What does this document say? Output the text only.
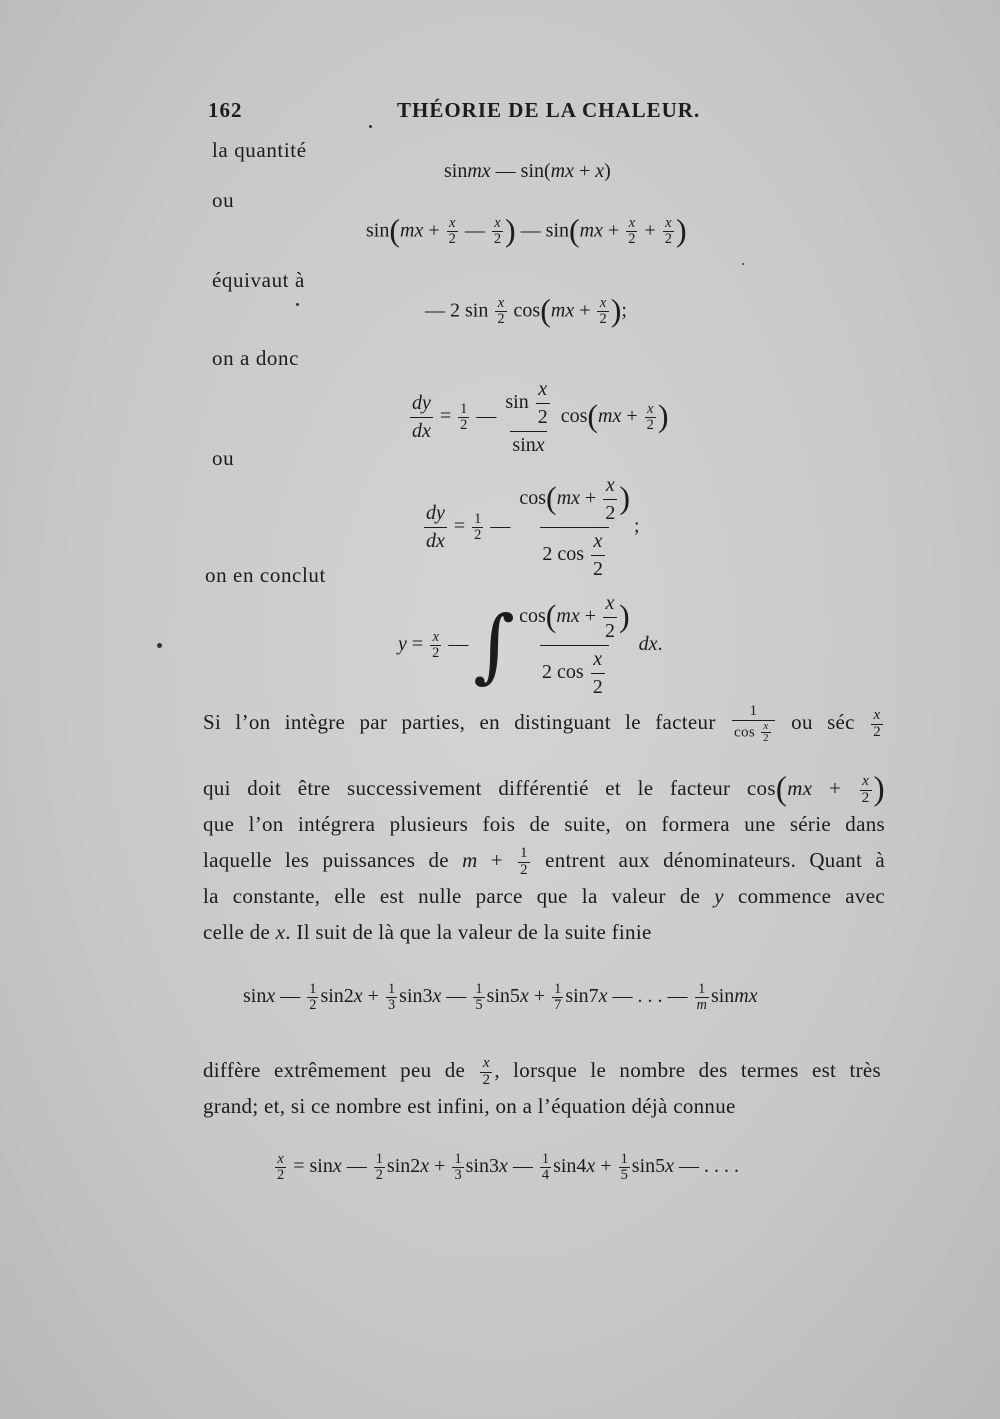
162	THÉORIE DE LA CHALEUR.
la quantité
sinmx — sin(mx + x)
ou
$\sin(mx + \frac{x}{2}$ — $\frac{x}{2}$ ) — $\sin(mx + \frac{x}{2} + \frac{x}{2}$ )
équivaut à
— 2 $\sin \frac{x}{2} \cos(mx + \frac{x}{2}$ );
on a donc
$\frac{dy}{dx} = \frac{1}{2}$ — $\frac{\sin \frac{x}{2}}{\sin x} \cos(mx + \frac{x}{2}$ )
ou
$\frac{dy}{dx} = \frac{1}{2}$ — $\frac{\cos(mx + \frac{x}{2} )}{2 \cos \frac{x}{2}}$ ;
on en conclut
$y = \frac{x}{2}$ — ∫ $\frac{\cos(mx + \frac{x}{2} )}{2 \cos \frac{x}{2}}$ dx.
Si l’on intègre par parties, en distinguant le facteur $\frac{1}{\cos \frac{x}{2}}$ ou séc $\frac{x}{2}$
qui doit être successivement différentié et le facteur $\cos(mx + \frac{x}{2}$ )
que l’on intégrera plusieurs fois de suite, on formera une série dans
laquelle les puissances de $m + \frac{1}{2}$ entrent aux dénominateurs. Quant à
la constante, elle est nulle parce que la valeur de y commence avec
celle de x. Il suit de là que la valeur de la suite finie
sinx — $\frac{1}{2} \sin 2x + \frac{1}{3} \sin 3x$ — $\frac{1}{5} \sin 5x + \frac{1}{7} \sin 7x$ — . . . — $\frac{1}{m}$ sinmx
diffère extrêmement peu de $\frac{x}{2}$ , lorsque le nombre des termes est très
grand; et, si ce nombre est infini, on a l’équation déjà connue
$\frac{x}{2} = \sin x$ — $\frac{1}{2} \sin 2x + \frac{1}{3} \sin 3x$ — $\frac{1}{4} \sin 4x + \frac{1}{5} \sin 5x$ — . . . .
